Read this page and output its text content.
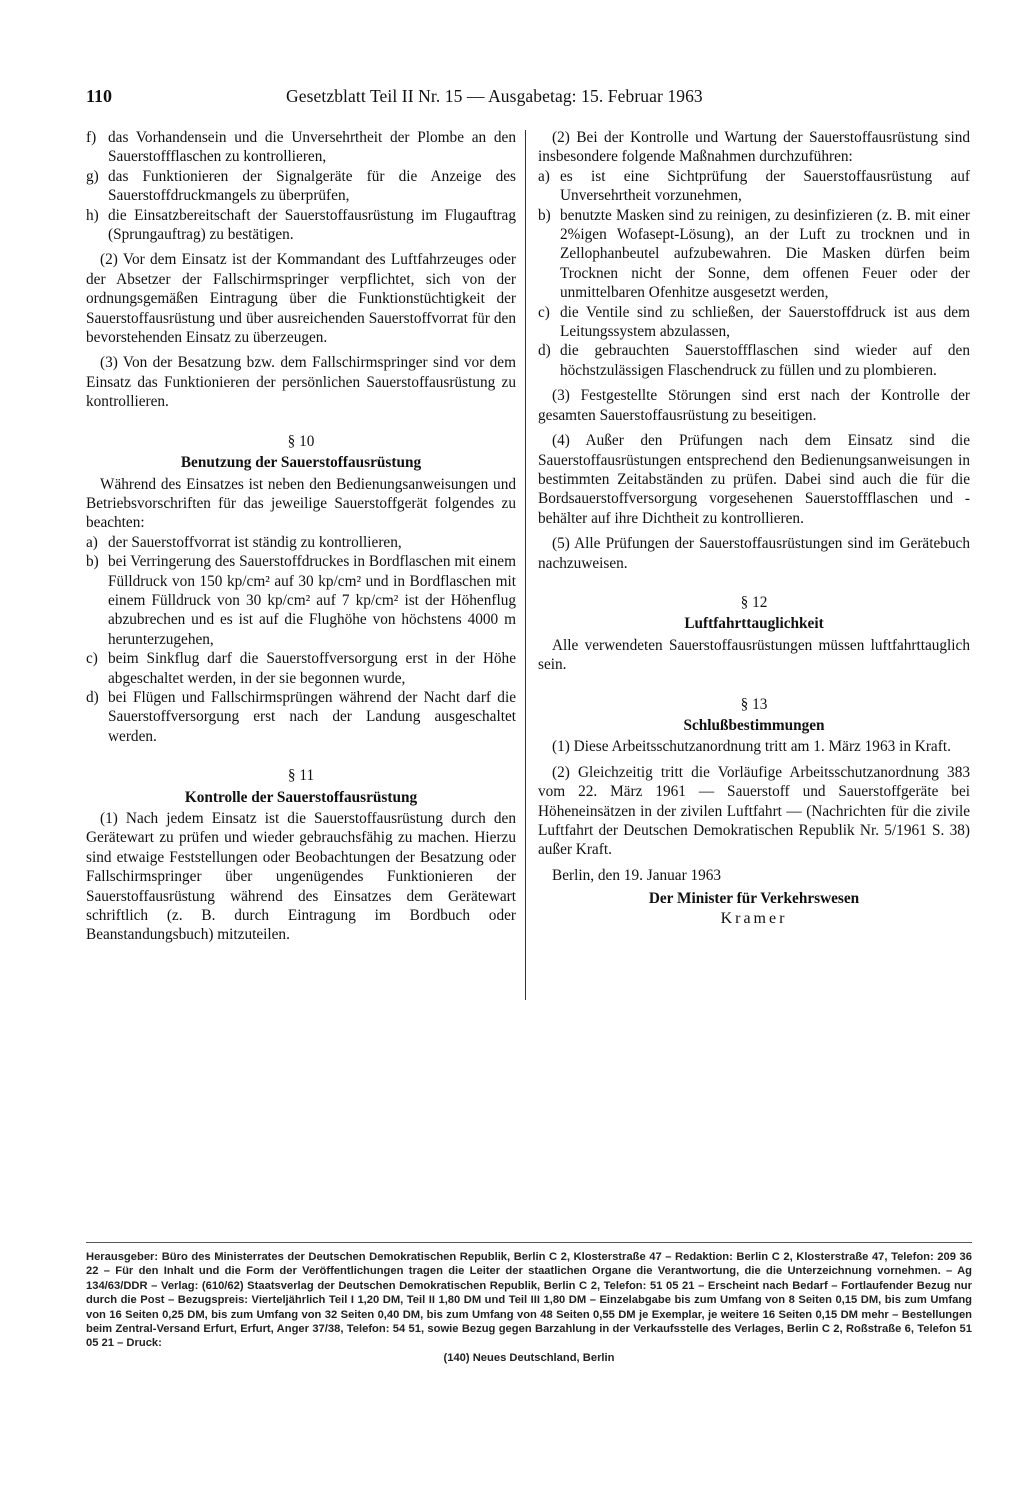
110	Gesetzblatt Teil II Nr. 15 — Ausgabetag: 15. Februar 1963
f) das Vorhandensein und die Unversehrtheit der Plombe an den Sauerstoffflaschen zu kontrollieren,
g) das Funktionieren der Signalgeräte für die Anzeige des Sauerstoffdruckmangels zu überprüfen,
h) die Einsatzbereitschaft der Sauerstoffausrüstung im Flugauftrag (Sprungauftrag) zu bestätigen.

(2) Vor dem Einsatz ist der Kommandant des Luftfahrzeuges oder der Absetzer der Fallschirmspringer verpflichtet, sich von der ordnungsgemäßen Eintragung über die Funktionstüchtigkeit der Sauerstoffausrüstung und über ausreichenden Sauerstoffvorrat für den bevorstehenden Einsatz zu überzeugen.

(3) Von der Besatzung bzw. dem Fallschirmspringer sind vor dem Einsatz das Funktionieren der persönlichen Sauerstoffausrüstung zu kontrollieren.

§ 10
Benutzung der Sauerstoffausrüstung

Während des Einsatzes ist neben den Bedienungsanweisungen und Betriebsvorschriften für das jeweilige Sauerstoffgerät folgendes zu beachten:

a) der Sauerstoffvorrat ist ständig zu kontrollieren,
b) bei Verringerung des Sauerstoffdruckes in Bordflaschen mit einem Fülldruck von 150 kp/cm² auf 30 kp/cm² und in Bordflaschen mit einem Fülldruck von 30 kp/cm² auf 7 kp/cm² ist der Höhenflug abzubrechen und es ist auf die Flughöhe von höchstens 4000 m herunterzugehen,
c) beim Sinkflug darf die Sauerstoffversorgung erst in der Höhe abgeschaltet werden, in der sie begonnen wurde,
d) bei Flügen und Fallschirmsprüngen während der Nacht darf die Sauerstoffversorgung erst nach der Landung ausgeschaltet werden.
§ 11
Kontrolle der Sauerstoffausrüstung

(1) Nach jedem Einsatz ist die Sauerstoffausrüstung durch den Gerätewart zu prüfen und wieder gebrauchsfähig zu machen. Hierzu sind etwaige Feststellungen oder Beobachtungen der Besatzung oder Fallschirmspringer über ungenügendes Funktionieren der Sauerstoffausrüstung während des Einsatzes dem Gerätewart schriftlich (z. B. durch Eintragung im Bordbuch oder Beanstandungsbuch) mitzuteilen.

(2) Bei der Kontrolle und Wartung der Sauerstoffausrüstung sind insbesondere folgende Maßnahmen durchzuführen:

a) es ist eine Sichtprüfung der Sauerstoffausrüstung auf Unversehrtheit vorzunehmen,
b) benutzte Masken sind zu reinigen, zu desinfizieren (z. B. mit einer 2%igen Wofasept-Lösung), an der Luft zu trocknen und in Zellophanbeutel aufzubewahren. Die Masken dürfen beim Trocknen nicht der Sonne, dem offenen Feuer oder der unmittelbaren Ofenhitze ausgesetzt werden,
c) die Ventile sind zu schließen, der Sauerstoffdruck ist aus dem Leitungssystem abzulassen,
d) die gebrauchten Sauerstoffflaschen sind wieder auf den höchstzulässigen Flaschendruck zu füllen und zu plombieren.

(3) Festgestellte Störungen sind erst nach der Kontrolle der gesamten Sauerstoffausrüstung zu beseitigen.

(4) Außer den Prüfungen nach dem Einsatz sind die Sauerstoffausrüstungen entsprechend den Bedienungsanweisungen in bestimmten Zeitabständen zu prüfen. Dabei sind auch die für die Bordsauerstoffversorgung vorgesehenen Sauerstoffflaschen und -behälter auf ihre Dichtheit zu kontrollieren.

(5) Alle Prüfungen der Sauerstoffausrüstungen sind im Gerätebuch nachzuweisen.

§ 12
Luftfahrttauglichkeit

Alle verwendeten Sauerstoffausrüstungen müssen luftfahrttauglich sein.

§ 13
Schlußbestimmungen

(1) Diese Arbeitsschutzanordnung tritt am 1. März 1963 in Kraft.

(2) Gleichzeitig tritt die Vorläufige Arbeitsschutzanordnung 383 vom 22. März 1961 — Sauerstoff und Sauerstoffgeräte bei Höheneinsätzen in der zivilen Luftfahrt — (Nachrichten für die zivile Luftfahrt der Deutschen Demokratischen Republik Nr. 5/1961 S. 38) außer Kraft.

Berlin, den 19. Januar 1963

Der Minister für Verkehrswesen
Kramer
Herausgeber: Büro des Ministerrates der Deutschen Demokratischen Republik, Berlin C 2, Klosterstraße 47 – Redaktion: Berlin C 2, Klosterstraße 47, Telefon: 209 36 22 – Für den Inhalt und die Form der Veröffentlichungen tragen die Leiter der staatlichen Organe die Verantwortung, die die Unterzeichnung vornehmen. – Ag 134/63/DDR – Verlag: (610/62) Staatsverlag der Deutschen Demokratischen Republik, Berlin C 2, Telefon: 51 05 21 – Erscheint nach Bedarf – Fortlaufender Bezug nur durch die Post – Bezugspreis: Vierteljährlich Teil I 1,20 DM, Teil II 1,80 DM und Teil III 1,80 DM – Einzelabgabe bis zum Umfang von 8 Seiten 0,15 DM, bis zum Umfang von 16 Seiten 0,25 DM, bis zum Umfang von 32 Seiten 0,40 DM, bis zum Umfang von 48 Seiten 0,55 DM je Exemplar, je weitere 16 Seiten 0,15 DM mehr – Bestellungen beim Zentral-Versand Erfurt, Erfurt, Anger 37/38, Telefon: 54 51, sowie Bezug gegen Barzahlung in der Verkaufsstelle des Verlages, Berlin C 2, Roßstraße 6, Telefon 51 05 21 – Druck:
(140) Neues Deutschland, Berlin
